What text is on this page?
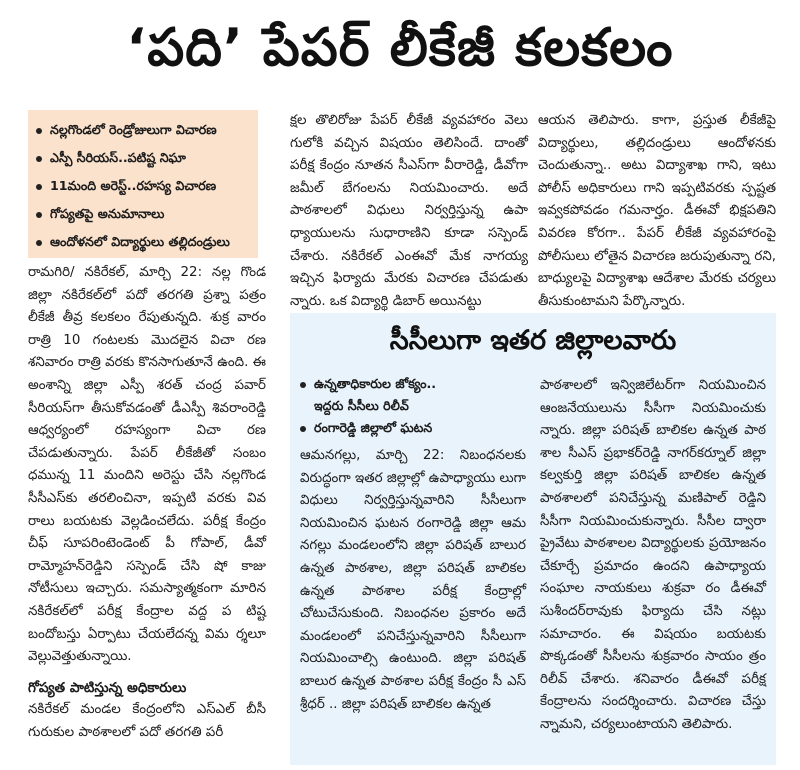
‘పది’ పేపర్ లీకేజీ కలకలం
నల్లగొండలో రెండ్రోజులుగా విచారణ
ఎస్పీ సీరియస్‌..పటిష్ట నిఘా
11మంది అరెస్ట్..రహస్య విచారణ
గోప్యతపై అనుమానాలు
ఆందోళనలో విద్యార్థులు తల్లిదండ్రులు

రామగిరి/ నకిరేకల్, మార్చి 22: నల్ల గొండ జిల్లా నకిరేకల్‌లో పదో తరగతి ప్రశ్నా పత్రం లీకేజీ తీవ్ర కలకలం రేపుతున్నది. శుక్ర వారం రాత్రి 10 గంటలకు మొదలైన విచా రణ శనివారం రాత్రి వరకు కొనసాగుతూనే ఉంది. ఈ అంశాన్ని జిల్లా ఎస్పీ శరత్ చంద్ర పవార్ సీరియస్‌గా తీసుకోవడంతో డీఎస్పీ శివరాంరెడ్డి ఆధ్వర్యంలో రహస్యంగా విచా రణ చేపడుతున్నారు. పేపర్ లీకేజీతో సంబం ధమున్న 11 మందిని అరెస్టు చేసి నల్లగొండ సీసీఎస్‌కు తరలించినా, ఇప్పటి వరకు వివ రాలు బయటకు వెల్లడించలేదు. పరీక్ష కేంద్రం చీఫ్ సూపరింటెండెంట్ పీ గోపాల్, డీవో రామ్మోహన్‌రెడ్డిని సస్పెండ్ చేసి షో కాజు నోటీసులు ఇచ్చారు. సమస్యాత్మకంగా మారిన నకిరేకల్‌లో పరీక్ష కేంద్రాల వద్ద ప టిష్ట బందోబస్తు ఏర్పాటు చేయలేదన్న విమ ర్శలూ వెల్లువెత్తుతున్నాయి.

గోప్యత పాటిస్తున్న అధికారులు

నకిరేకల్ మండల కేంద్రంలోని ఎస్ఎల్ బీసీ గురుకుల పాఠశాలలో పదో తరగతి పరీ

క్షల తొలిరోజు పేపర్ లీకేజీ వ్యవహారం వెలు గులోకి వచ్చిన విషయం తెలిసిందే. దాంతో పరీక్ష కేంద్రం నూతన సీఎస్‌గా వీరారెడ్డి, డీవోగా జమీల్ బేగంలను నియమించారు. అదే పాఠశాలలో విధులు నిర్వర్తిస్తున్న ఉపా ధ్యాయులను సుధారాణిని కూడా సస్పెండ్ చేశారు. నకిరేకల్ ఎంఈవో మేక నాగయ్య ఇచ్చిన ఫిర్యాదు మేరకు విచారణ చేపడుతు న్నారు. ఒక విద్యార్థి డిబార్ అయినట్టు

ఆయన తెలిపారు. కాగా, ప్రస్తుత లీకేజీపై విద్యార్థులు, తల్లిదండ్రులు ఆందోళనకు చెందుతున్నా.. అటు విద్యాశాఖ గాని, ఇటు పోలీస్ అధికారులు గాని ఇప్పటివరకు స్పష్టత ఇవ్వకపోవడం గమనార్హం. డీఈవో భిక్షపతిని వివరణ కోరగా.. పేపర్ లీకేజీ వ్యవహారంపై పోలీసులు లోతైన విచారణ జరుపుతున్నా రని, బాధ్యులపై విద్యాశాఖ ఆదేశాల మేరకు చర్యలు తీసుకుంటామని పేర్కొన్నారు.

సీసీలుగా ఇతర జిల్లాలవారు
ఉన్నతాధికారుల జోక్యం..
ఇద్దరు సీసీలు రిలీవ్
రంగారెడ్డి జిల్లాలో ఘటన

ఆమనగల్లు, మార్చి 22: నిబంధనలకు విరుద్ధంగా ఇతర జిల్లాల్లో ఉపాధ్యాయు లుగా విధులు నిర్వర్తిస్తున్నవారిని సీసీలుగా నియమించిన ఘటన రంగారెడ్డి జిల్లా ఆమ నగల్లు మండలంలోని జిల్లా పరిషత్ బాలుర ఉన్నత పాఠశాల, జిల్లా పరిషత్ బాలికల ఉన్నత పాఠశాల పరీక్ష కేంద్రాల్లో చోటుచేసుకుంది. నిబంధనల ప్రకారం అదే మండలంలో పనిచేస్తున్నవారిని సీసీలుగా నియమించాల్సి ఉంటుంది. జిల్లా పరిషత్ బాలుర ఉన్నత పాఠశాల పరీక్ష కేంద్రం సీ ఎస్ శ్రీధర్ .. జిల్లా పరిషత్ బాలికల ఉన్నత

పాఠశాలలో ఇన్విజిలేటర్‌గా నియమించిన ఆంజనేయులును సీసీగా నియమించుకు న్నారు. జిల్లా పరిషత్ బాలికల ఉన్నత పాఠ శాల సీఎస్ ప్రభాకర్‌రెడ్డి నాగర్‌కర్నూల్ జిల్లా కల్వకుర్తి జిల్లా పరిషత్ బాలికల ఉన్నత పాఠశాలలో పనిచేస్తున్న మణిపాల్ రెడ్డిని సీసీగా నియమించుకున్నారు. సీసీల ద్వారా ప్రైవేటు పాఠశాలల విద్యార్థులకు ప్రయోజనం చేకూర్చే ప్రమాదం ఉందని ఉపాధ్యాయ సంఘాల నాయకులు శుక్రవా రం డీఈవో సుశీందర్‌రావుకు ఫిర్యాదు చేసి నట్లు సమాచారం. ఈ విషయం బయటకు పొక్కడంతో సీసీలను శుక్రవారం సాయం త్రం రిలీవ్ చేశారు. శనివారం డీఈవో పరీక్ష కేంద్రాలను సందర్శించారు. విచారణ చేస్తు న్నామని, చర్యలుంటాయని తెలిపారు.
